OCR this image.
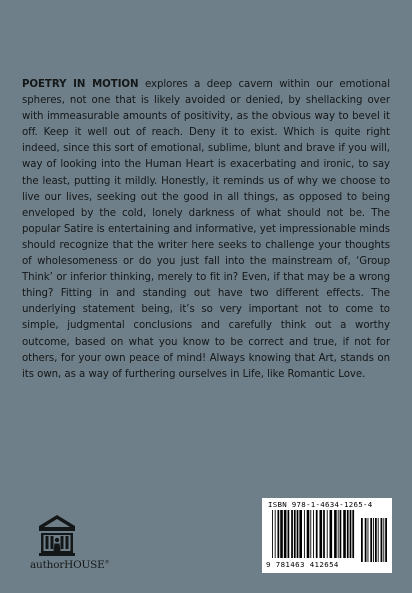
POETRY IN MOTION explores a deep cavern within our emotional spheres, not one that is likely avoided or denied, by shellacking over with immeasurable amounts of positivity, as the obvious way to bevel it off. Keep it well out of reach. Deny it to exist. Which is quite right indeed, since this sort of emotional, sublime, blunt and brave if you will, way of looking into the Human Heart is exacerbating and ironic, to say the least, putting it mildly. Honestly, it reminds us of why we choose to live our lives, seeking out the good in all things, as opposed to being enveloped by the cold, lonely darkness of what should not be. The popular Satire is entertaining and informative, yet impressionable minds should recognize that the writer here seeks to challenge your thoughts of wholesomeness or do you just fall into the mainstream of, ‘Group Think’ or inferior thinking, merely to fit in? Even, if that may be a wrong thing? Fitting in and standing out have two different effects. The underlying statement being, it’s so very important not to come to simple, judgmental conclusions and carefully think out a worthy outcome, based on what you know to be correct and true, if not for others, for your own peace of mind! Always knowing that Art, stands on its own, as a way of furthering ourselves in Life, like Romantic Love.

authorHOUSE®
ISBN 978-1-4634-1265-4
9 781463 412654
